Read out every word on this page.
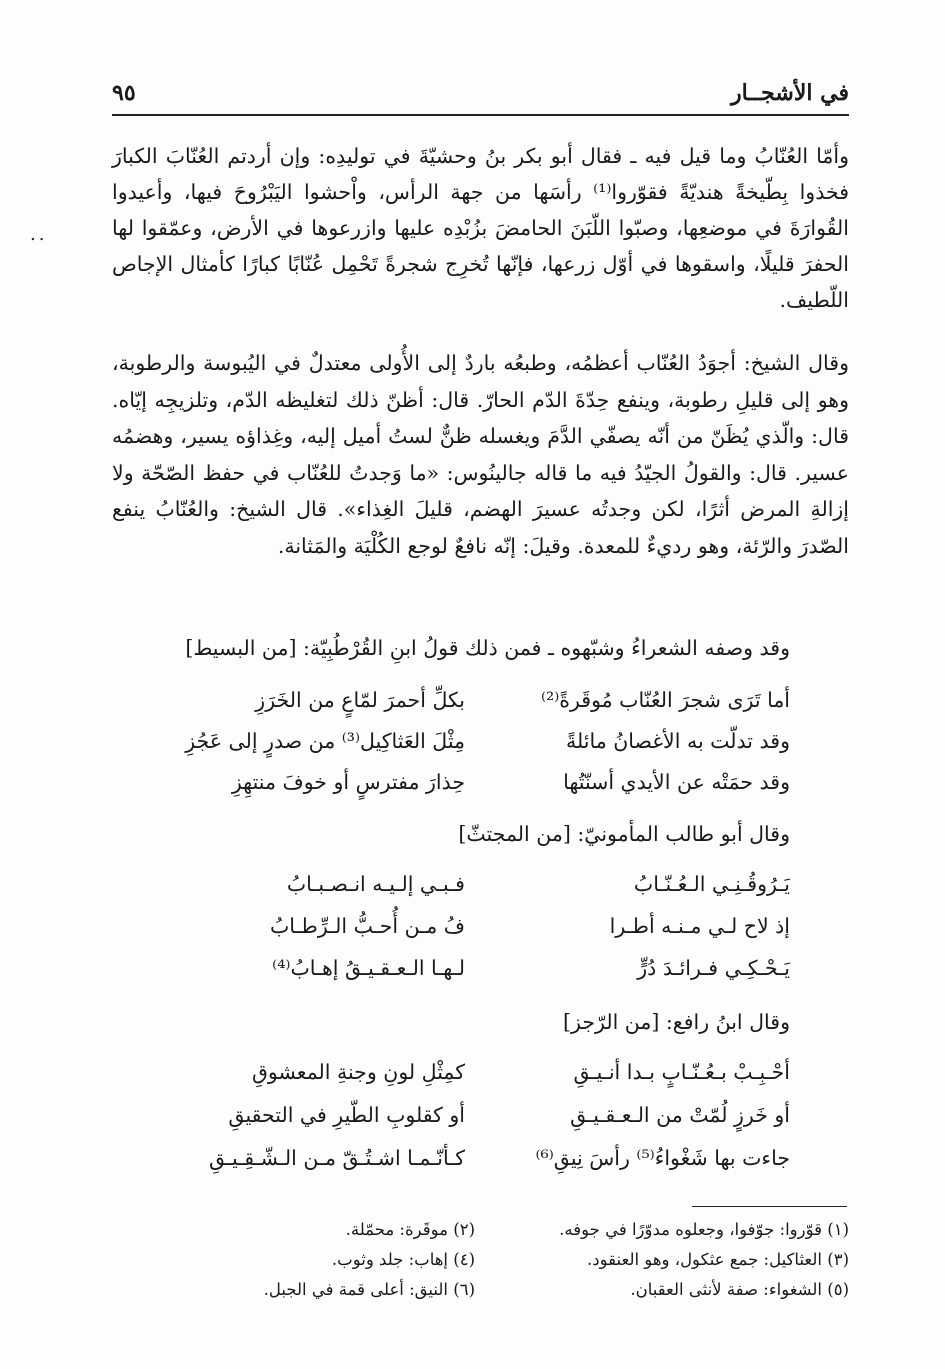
في الأشجــار
٩٥
..
وأمّا العُنّابُ وما قيل فيه ـ فقال أبو بكر بنُ وحشيّةَ في توليدِه: وإن أردتم العُنّابَ الكبارَ فخذوا بِطّيخةً هنديّةً فقوّروا⁽¹⁾ رأسَها من جهة الرأس، واْحشوا اليَبْرُوحَ فيها، وأعيدوا القُوارَةَ في موضعِها، وصبّوا اللّبَنَ الحامضَ بزُبْدِه عليها وازرعوها في الأرض، وعمّقوا لها الحفرَ قليلًا، واسقوها في أوّل زرعها، فإنّها تُخرِج شجرةً تَحْمِل عُنّابًا كبارًا كأمثال الإجاص اللّطيف.
وقال الشيخ: أجوَدُ العُنّاب أعظمُه، وطبعُه باردٌ إلى الأُولى معتدلٌ في اليُبوسة والرطوبة، وهو إلى قليلِ رطوبة، وينفع حِدّةَ الدّم الحارّ. قال: أظنّ ذلك لتغليظه الدّم، وتلزيجِه إيّاه. قال: والّذي يُظَنّ من أنّه يصفّي الدَّمَ ويغسله ظنٌّ لستُ أميل إليه، وغِذاؤه يسير، وهضمُه عسير. قال: والقولُ الجيّدُ فيه ما قاله جالينُوس: «ما وَجدتُ للعُنّاب في حفظ الصّحّة ولا إزالةِ المرض أثرًا، لكن وجدتُه عسيرَ الهضم، قليلَ الغِذاء». قال الشيخ: والعُنّابُ ينفع الصّدرَ والرّئة، وهو رديءٌ للمعدة. وقيلَ: إنّه نافعٌ لوجع الكُلْيَة والمَثانة.
وقد وصفه الشعراءُ وشبّهوه ـ فمن ذلك قولُ ابنِ القُرْطُبِيّة: [من البسيط]
أما تَرَى شجرَ العُنّاب مُوقَرةً⁽²⁾
بكلِّ أحمرَ لمّاعٍ من الخَرَزِ
وقد تدلّت به الأغصانُ مائلةً
مِثْلَ العَثاكِيل⁽³⁾ من صدرٍ إلى عَجُزِ
وقد حمَتْه عن الأيدي أسنّتُها
حِذارَ مفترسٍ أو خوفَ منتهِزِ
وقال أبو طالب المأمونيّ: [من المجتثّ]
يَـرُوقُـنِـي الـعُـنّـابُ
فـبـي إلـيـه انـصـبـابُ
إذ لاح لـي مـنـه أطـرا
فُ مـن أُحـبُّ الـرِّطـابُ
يَـحْـكِـي فـرائـدَ دُرٍّ
لـهـا الـعـقـيـقُ إهـابُ⁽⁴⁾
وقال ابنُ رافع: [من الرّجز]
أحْـبِـبْ بـعُـنّـابٍ بـدا أنـيـقِ
كمِثْلِ لونِ وجنةِ المعشوقِ
أو خَرزٍ لُمّتْ من الـعـقـيـقِ
أو كقلوبِ الطّيرِ في التحقيقِ
جاءت بها شَغْواءُ⁽⁵⁾ رأسَ نِيقِ⁽⁶⁾
كـأنّـمـا اشـتُـقّ مـن الـشّـقِـيـقِ
(١) قوّروا: جوّفوا، وجعلوه مدوّرًا في جوفه.
(٢) موقَرة: محمّلة.
(٣) العثاكيل: جمع عثكول، وهو العنقود.
(٤) إهاب: جلد وثوب.
(٥) الشغواء: صفة لأنثى العقبان.
(٦) النيق: أعلى قمة في الجبل.
